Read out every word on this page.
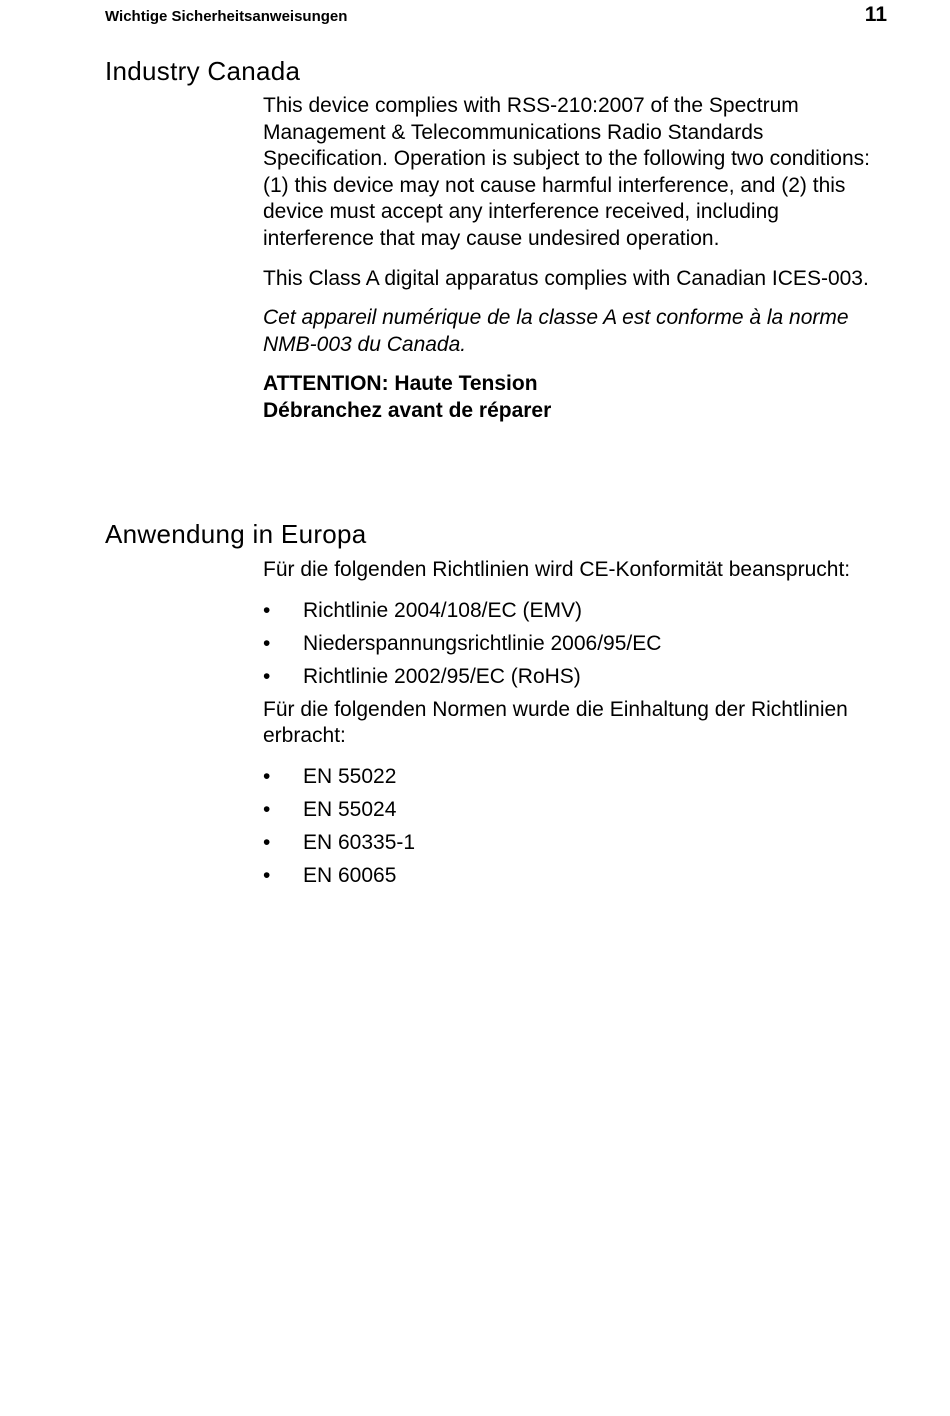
Wichtige Sicherheitsanweisungen	11
Industry Canada

This device complies with RSS-210:2007 of the Spectrum Management & Telecommunications Radio Standards Specification. Operation is subject to the following two conditions: (1) this device may not cause harmful interference, and (2) this device must accept any interference received, including interference that may cause undesired operation.

This Class A digital apparatus complies with Canadian ICES-003.

Cet appareil numérique de la classe A est conforme à la norme NMB-003 du Canada.

ATTENTION: Haute Tension

Débranchez avant de réparer

Anwendung in Europa

Für die folgenden Richtlinien wird CE-Konformität beansprucht:

•	Richtlinie 2004/108/EC (EMV)
•	Niederspannungsrichtlinie 2006/95/EC
•	Richtlinie 2002/95/EC (RoHS)

Für die folgenden Normen wurde die Einhaltung der Richtlinien erbracht:

•	EN 55022
•	EN 55024
•	EN 60335-1
•	EN 60065
